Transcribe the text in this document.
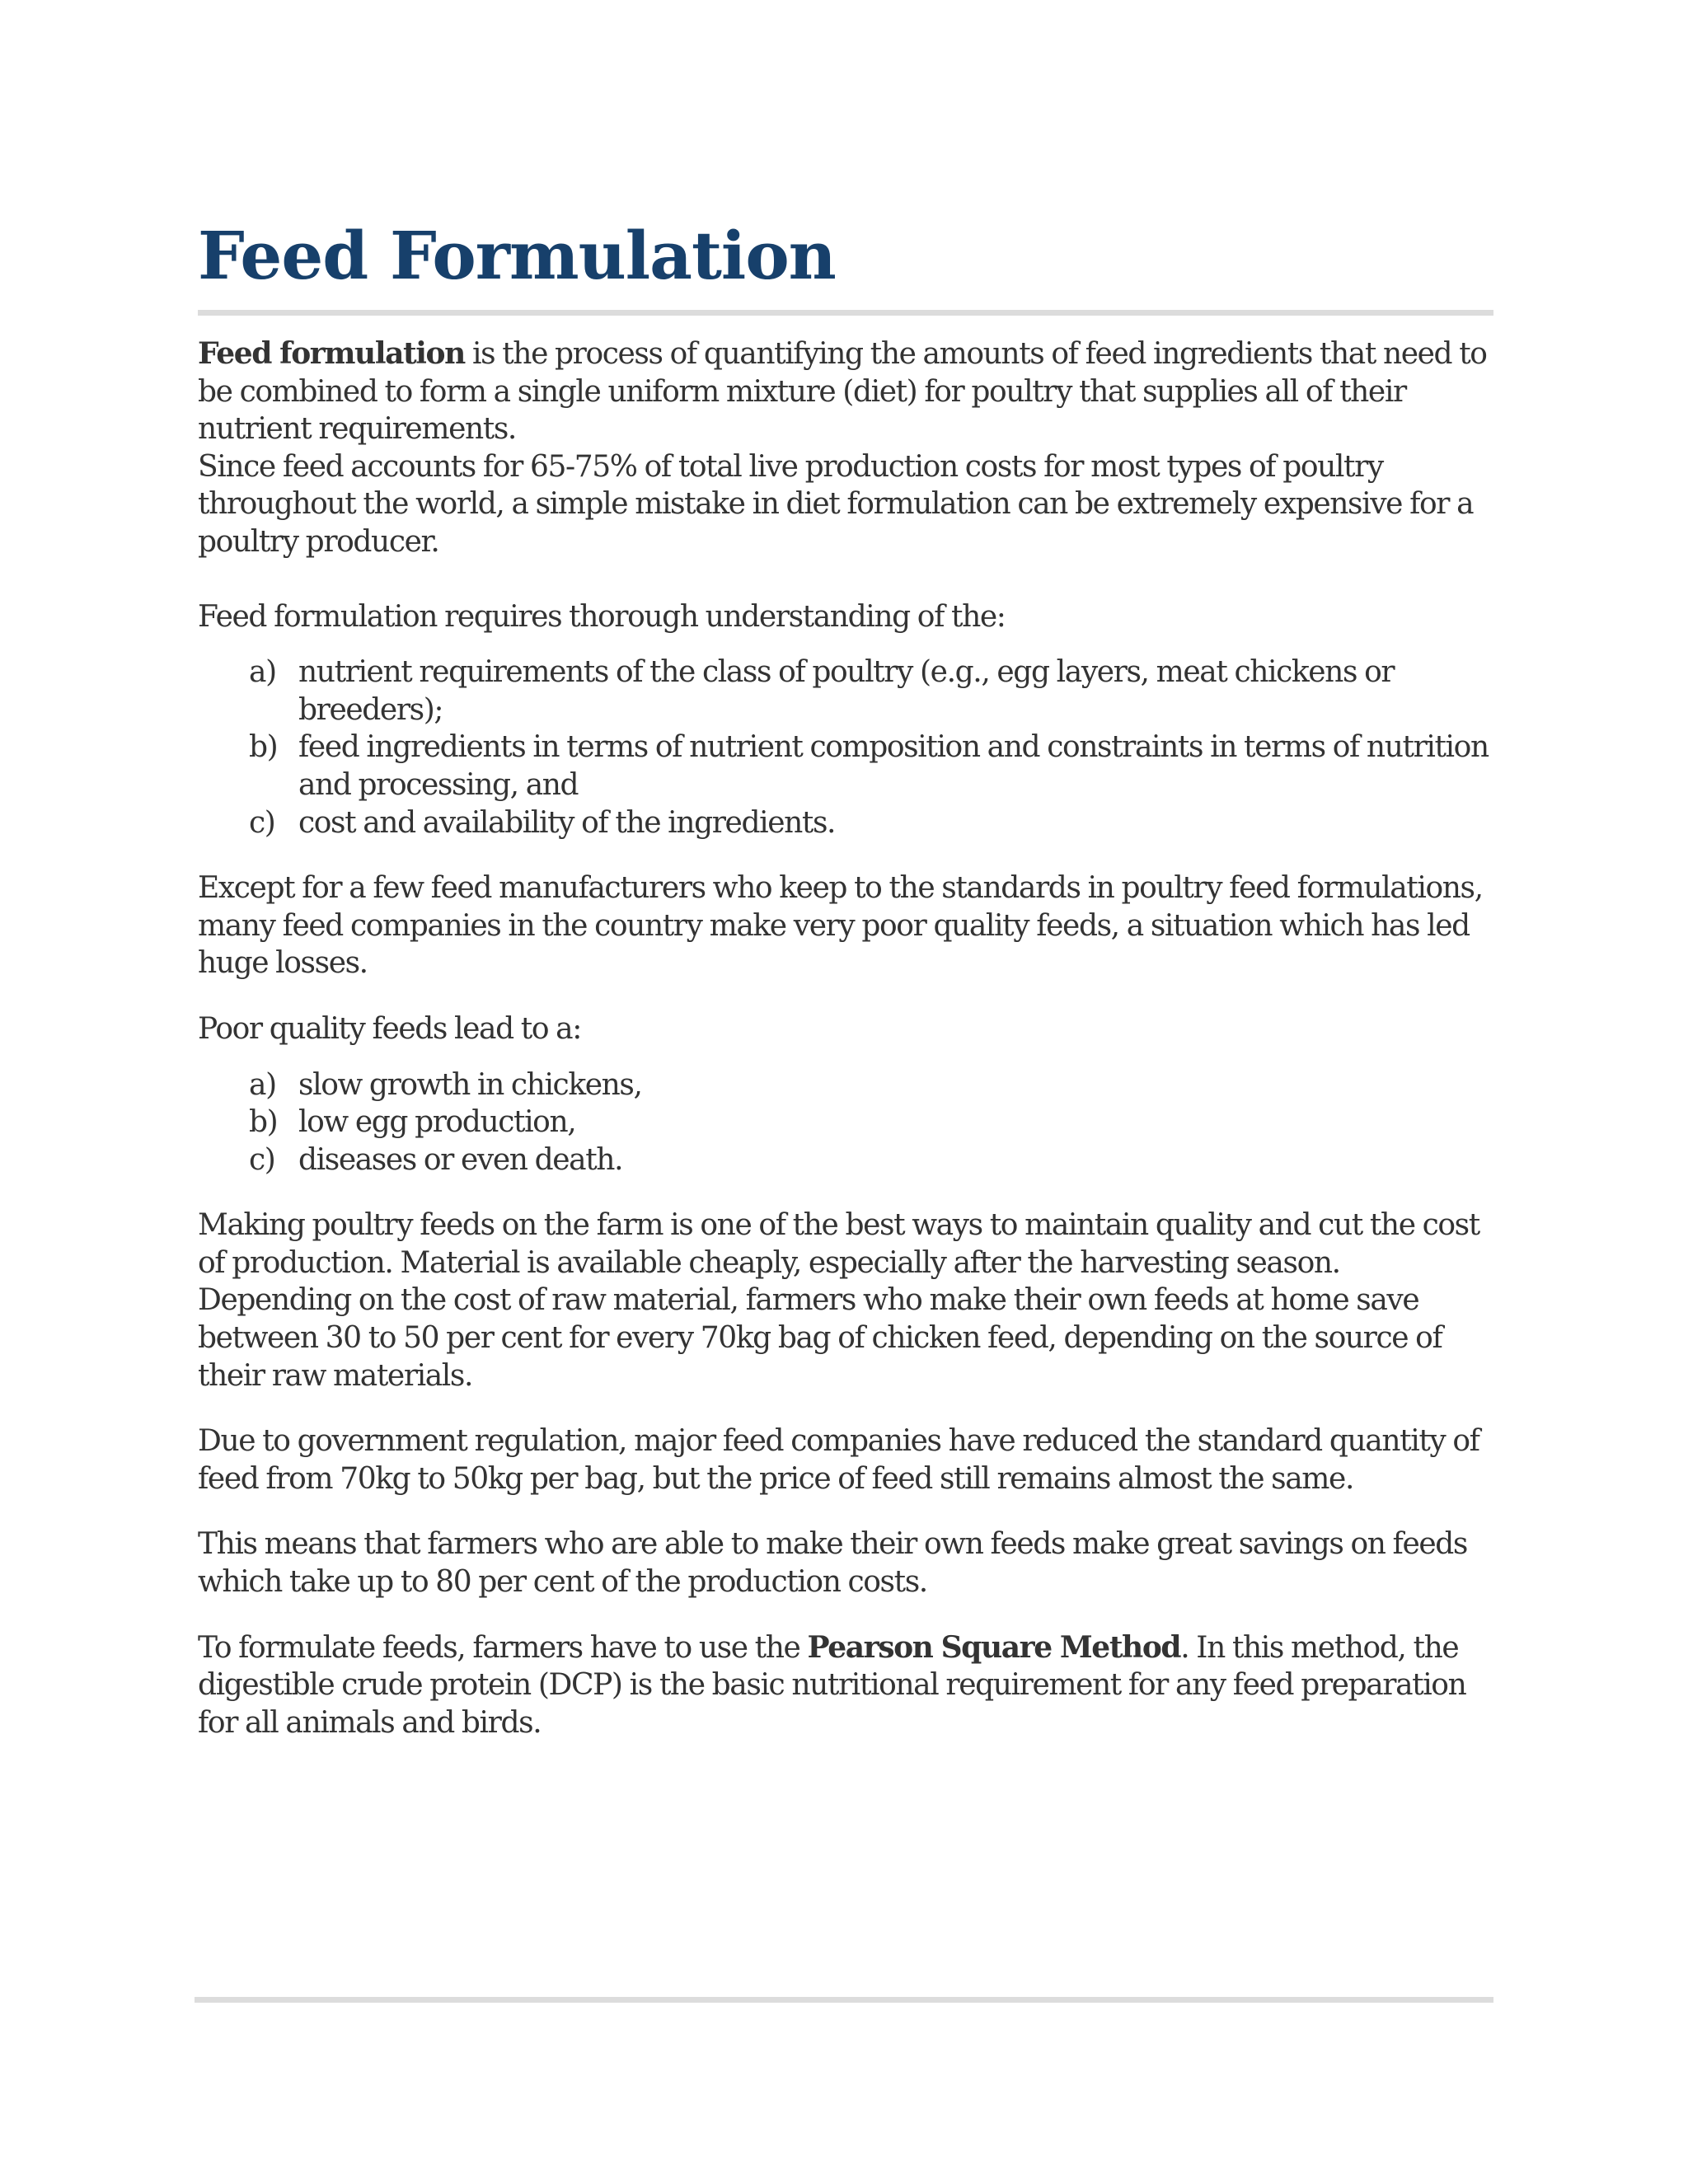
Feed Formulation

Feed formulation is the process of quantifying the amounts of feed ingredients that need to be combined to form a single uniform mixture (diet) for poultry that supplies all of their nutrient requirements.

Since feed accounts for 65-75% of total live production costs for most types of poultry throughout the world, a simple mistake in diet formulation can be extremely expensive for a poultry producer.

Feed formulation requires thorough understanding of the:

a) nutrient requirements of the class of poultry (e.g., egg layers, meat chickens or breeders);
b) feed ingredients in terms of nutrient composition and constraints in terms of nutrition and processing, and
c) cost and availability of the ingredients.

Except for a few feed manufacturers who keep to the standards in poultry feed formulations, many feed companies in the country make very poor quality feeds, a situation which has led huge losses.

Poor quality feeds lead to a:

a) slow growth in chickens,
b) low egg production,
c) diseases or even death.

Making poultry feeds on the farm is one of the best ways to maintain quality and cut the cost of production. Material is available cheaply, especially after the harvesting season. Depending on the cost of raw material, farmers who make their own feeds at home save between 30 to 50 per cent for every 70kg bag of chicken feed, depending on the source of their raw materials.

Due to government regulation, major feed companies have reduced the standard quantity of feed from 70kg to 50kg per bag, but the price of feed still remains almost the same.

This means that farmers who are able to make their own feeds make great savings on feeds which take up to 80 per cent of the production costs.

To formulate feeds, farmers have to use the Pearson Square Method. In this method, the digestible crude protein (DCP) is the basic nutritional requirement for any feed preparation for all animals and birds.
